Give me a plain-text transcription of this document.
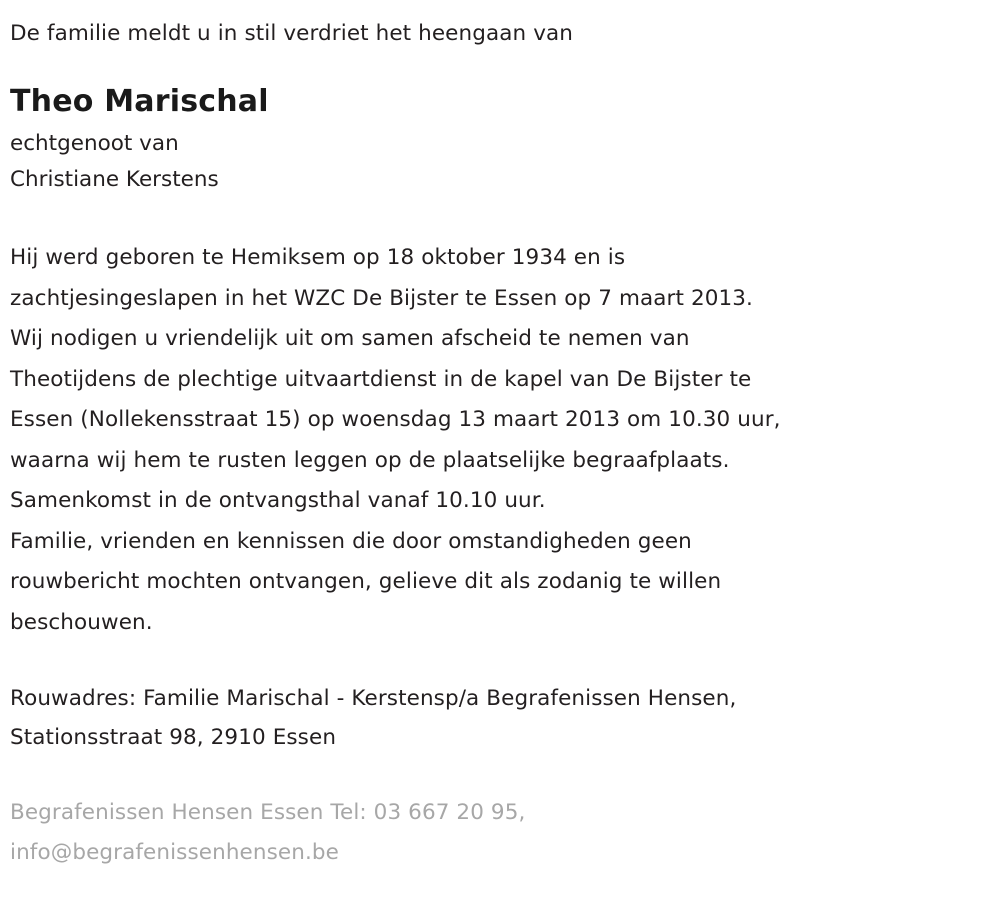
De familie meldt u in stil verdriet het heengaan van
Theo Marischal
echtgenoot van
Christiane Kerstens
Hij werd geboren te Hemiksem op 18 oktober 1934 en is
zachtjesingeslapen in het WZC De Bijster te Essen op 7 maart 2013.
Wij nodigen u vriendelijk uit om samen afscheid te nemen van
Theotijdens de plechtige uitvaartdienst in de kapel van De Bijster te
Essen (Nollekensstraat 15) op woensdag 13 maart 2013 om 10.30 uur,
waarna wij hem te rusten leggen op de plaatselijke begraafplaats.
Samenkomst in de ontvangsthal vanaf 10.10 uur.
Familie, vrienden en kennissen die door omstandigheden geen
rouwbericht mochten ontvangen, gelieve dit als zodanig te willen
beschouwen.
Rouwadres: Familie Marischal - Kerstensp/a Begrafenissen Hensen,
Stationsstraat 98, 2910 Essen
Begrafenissen Hensen Essen Tel: 03 667 20 95,
info@begrafenissenhensen.be
